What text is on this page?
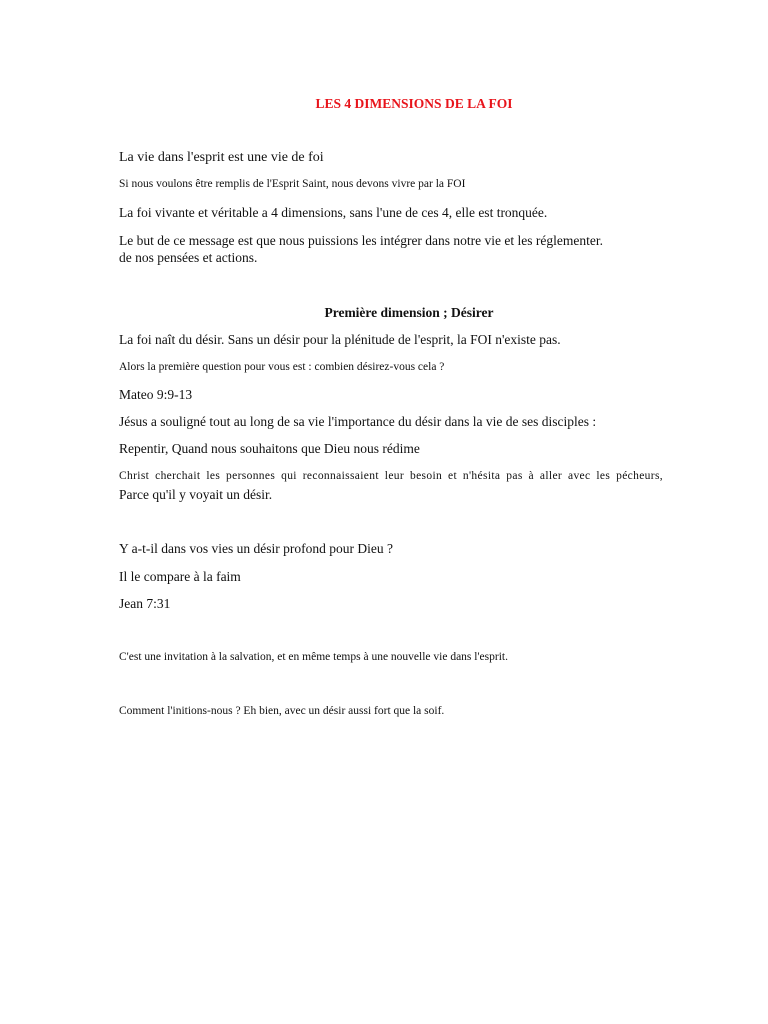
LES 4 DIMENSIONS DE LA FOI
La vie dans l'esprit est une vie de foi
Si nous voulons être remplis de l'Esprit Saint, nous devons vivre par la FOI
La foi vivante et véritable a 4 dimensions, sans l'une de ces 4, elle est tronquée.
Le but de ce message est que nous puissions les intégrer dans notre vie et les réglementer.
de nos pensées et actions.
Première dimension ; Désirer
La foi naît du désir. Sans un désir pour la plénitude de l'esprit, la FOI n'existe pas.
Alors la première question pour vous est : combien désirez-vous cela ?
Mateo 9:9-13
Jésus a souligné tout au long de sa vie l'importance du désir dans la vie de ses disciples :
Repentir, Quand nous souhaitons que Dieu nous rédime
Christ cherchait les personnes qui reconnaissaient leur besoin et n'hésita pas à aller avec les pécheurs,
Parce qu'il y voyait un désir.
Y a-t-il dans vos vies un désir profond pour Dieu ?
Il le compare à la faim
Jean 7:31
C'est une invitation à la salvation, et en même temps à une nouvelle vie dans l'esprit.
Comment l'initions-nous ? Eh bien, avec un désir aussi fort que la soif.
